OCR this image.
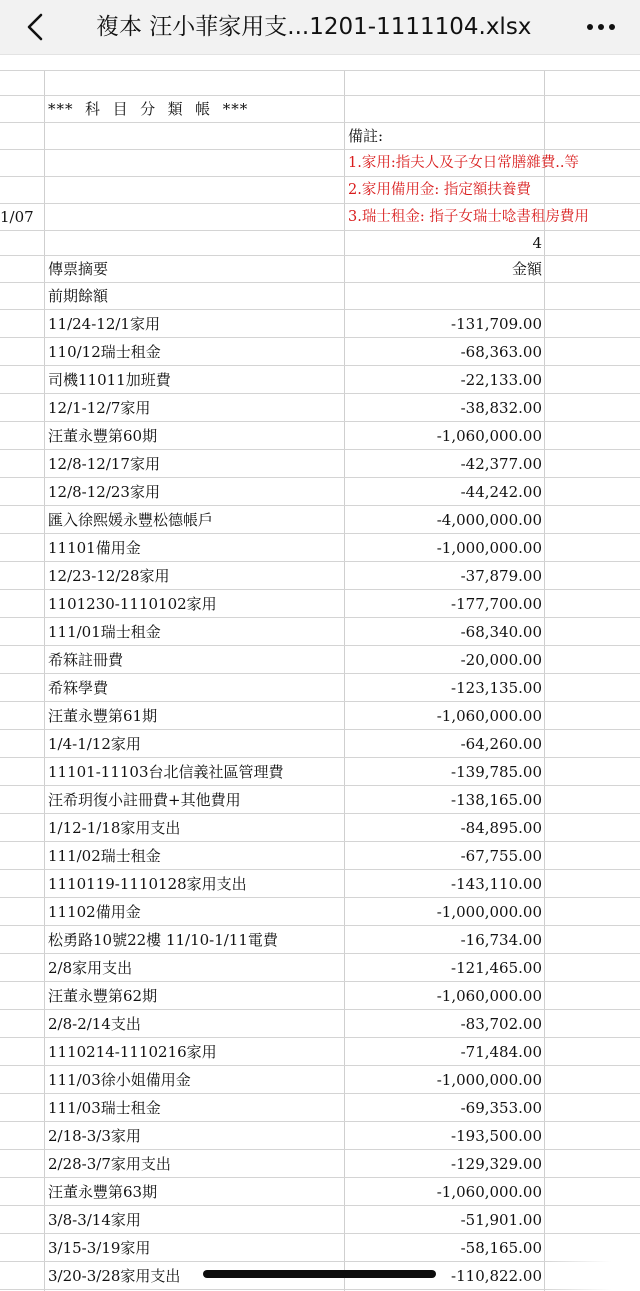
複本 汪小菲家用支...1201-1111104.xlsx
***  科  目  分  類  帳  ***
備註:
1.家用:指夫人及子女日常膳雜費..等
2.家用備用金: 指定額扶養費
1/07	3.瑞士租金: 指子女瑞士唸書租房費用
4
傳票摘要	金額
前期餘額
11/24-12/1家用	-131,709.00
110/12瑞士租金	-68,363.00
司機11011加班費	-22,133.00
12/1-12/7家用	-38,832.00
汪董永豐第60期	-1,060,000.00
12/8-12/17家用	-42,377.00
12/8-12/23家用	-44,242.00
匯入徐熙媛永豐松德帳戶	-4,000,000.00
11101備用金	-1,000,000.00
12/23-12/28家用	-37,879.00
1101230-1110102家用	-177,700.00
111/01瑞士租金	-68,340.00
希箖註冊費	-20,000.00
希箖學費	-123,135.00
汪董永豐第61期	-1,060,000.00
1/4-1/12家用	-64,260.00
11101-11103台北信義社區管理費	-139,785.00
汪希玥復小註冊費+其他費用	-138,165.00
1/12-1/18家用支出	-84,895.00
111/02瑞士租金	-67,755.00
1110119-1110128家用支出	-143,110.00
11102備用金	-1,000,000.00
松勇路10號22樓 11/10-1/11電費	-16,734.00
2/8家用支出	-121,465.00
汪董永豐第62期	-1,060,000.00
2/8-2/14支出	-83,702.00
1110214-1110216家用	-71,484.00
111/03徐小姐備用金	-1,000,000.00
111/03瑞士租金	-69,353.00
2/18-3/3家用	-193,500.00
2/28-3/7家用支出	-129,329.00
汪董永豐第63期	-1,060,000.00
3/8-3/14家用	-51,901.00
3/15-3/19家用	-58,165.00
3/20-3/28家用支出	-110,822.00
